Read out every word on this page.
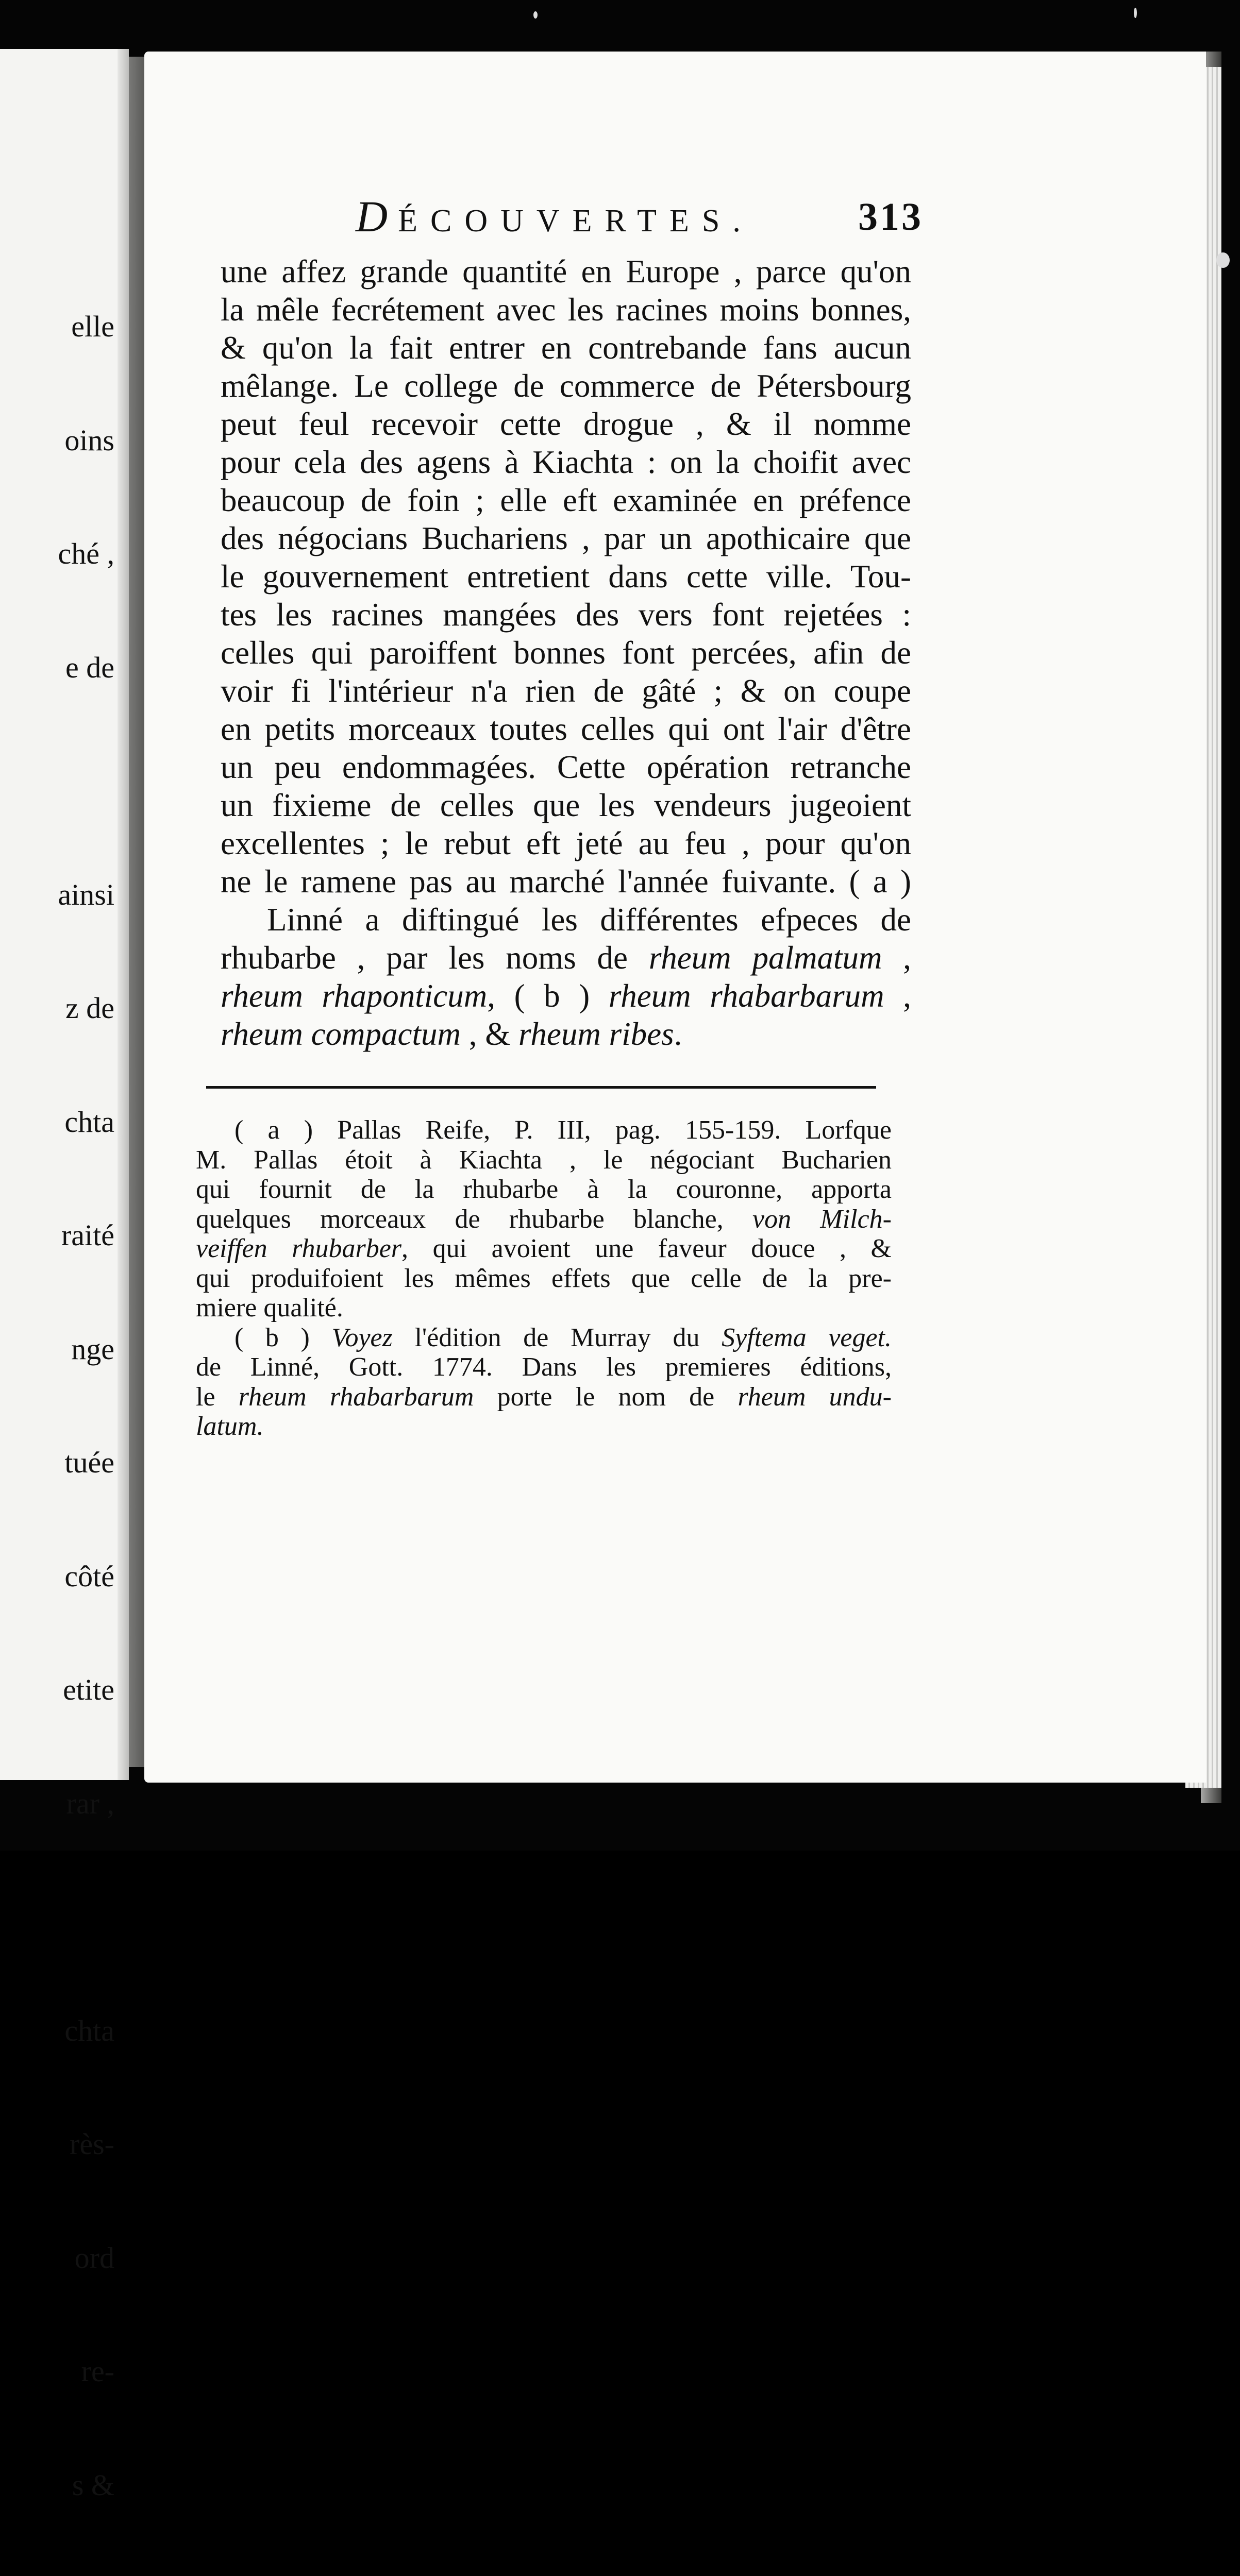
elle

oins

ché ,

e de

ainsi

z de

chta

raité

nge

tuée

côté

etite

rar ,

chta

rès-

ord

re-

s &

DÉCOUVERTES.	313
une affez grande quantité en Europe , parce qu'on
la mêle fecrétement avec les racines moins bonnes,
& qu'on la fait entrer en contrebande fans aucun
mêlange. Le college de commerce de Pétersbourg
peut feul recevoir cette drogue , & il nomme
pour cela des agens à Kiachta : on la choifit avec
beaucoup de foin ; elle eft examinée en préfence
des négocians Buchariens , par un apothicaire que
le gouvernement entretient dans cette ville. Tou-
tes les racines mangées des vers font rejetées :
celles qui paroiffent bonnes font percées, afin de
voir fi l'intérieur n'a rien de gâté ; & on coupe
en petits morceaux toutes celles qui ont l'air d'être
un peu endommagées. Cette opération retranche
un fixieme de celles que les vendeurs jugeoient
excellentes ; le rebut eft jeté au feu , pour qu'on
ne le ramene pas au marché l'année fuivante. ( a )
Linné a diftingué les différentes efpeces de
rhubarbe , par les noms de rheum palmatum ,
rheum rhaponticum, ( b ) rheum rhabarbarum ,
rheum compactum , & rheum ribes.
( a ) Pallas Reife, P. III, pag. 155-159. Lorfque
M. Pallas étoit à Kiachta , le négociant Bucharien
qui fournit de la rhubarbe à la couronne, apporta
quelques morceaux de rhubarbe blanche, von Milch-
veiffen rhubarber, qui avoient une faveur douce , &
qui produifoient les mêmes effets que celle de la pre-
miere qualité.
( b ) Voyez l'édition de Murray du Syftema veget.
de Linné, Gott. 1774. Dans les premieres éditions,
le rheum rhabarbarum porte le nom de rheum undu-
latum.
